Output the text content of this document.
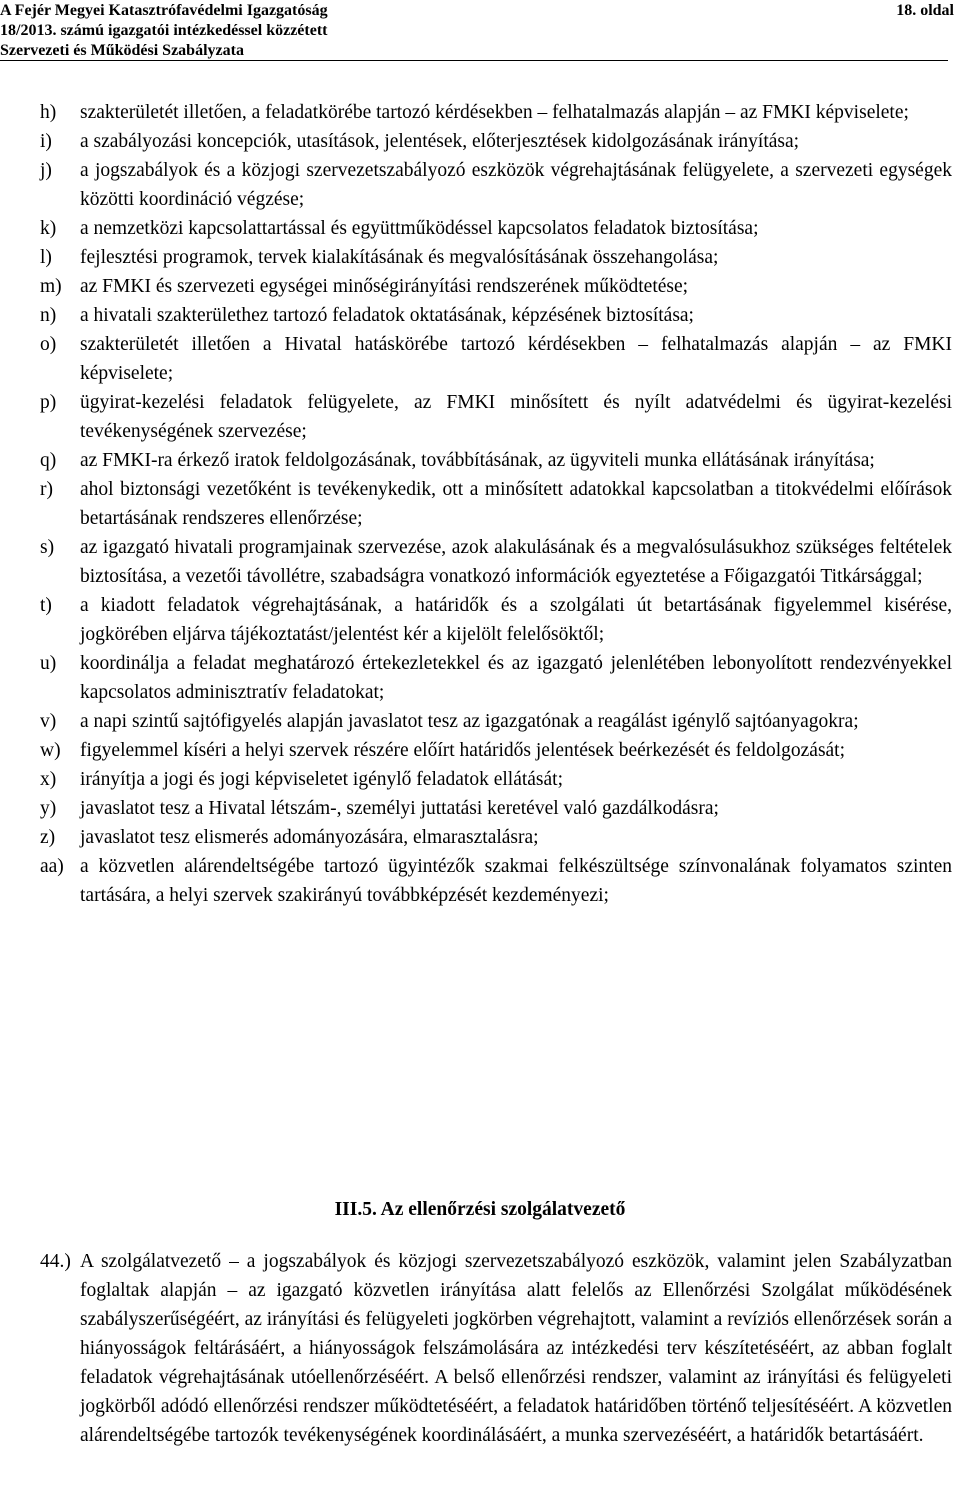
A Fejér Megyei Katasztrófavédelmi Igazgatóság
18/2013. számú igazgatói intézkedéssel közzétett
Szervezeti és Működési Szabályzata
18. oldal
h)	szakterületét illetően, a feladatkörébe tartozó kérdésekben – felhatalmazás alapján – az FMKI képviselete;
i)	a szabályozási koncepciók, utasítások, jelentések, előterjesztések kidolgozásának irányítása;
j)	a jogszabályok és a közjogi szervezetszabályozó eszközök végrehajtásának felügyelete, a szervezeti egységek közötti koordináció végzése;
k)	a nemzetközi kapcsolattartással és együttműködéssel kapcsolatos feladatok biztosítása;
l)	fejlesztési programok, tervek kialakításának és megvalósításának összehangolása;
m) az FMKI és szervezeti egységei minőségirányítási rendszerének működtetése;
n)	a hivatali szakterülethez tartozó feladatok oktatásának, képzésének biztosítása;
o)	szakterületét illetően a Hivatal hatáskörébe tartozó kérdésekben – felhatalmazás alapján – az FMKI képviselete;
p)	ügyirat-kezelési feladatok felügyelete, az FMKI minősített és nyílt adatvédelmi és ügyirat-kezelési tevékenységének szervezése;
q)	az FMKI-ra érkező iratok feldolgozásának, továbbításának, az ügyviteli munka ellátásának irányítása;
r)	ahol biztonsági vezetőként is tevékenykedik, ott a minősített adatokkal kapcsolatban a titokvédelmi előírások betartásának rendszeres ellenőrzése;
s)	az igazgató hivatali programjainak szervezése, azok alakulásának és a megvalósulásukhoz szükséges feltételek biztosítása, a vezetői távollétre, szabadságra vonatkozó információk egyeztetése a Főigazgatói Titkársággal;
t)	a kiadott feladatok végrehajtásának, a határidők és a szolgálati út betartásának figyelemmel kisérése, jogkörében eljárva tájékoztatást/jelentést kér a kijelölt felelősöktől;
u)	koordinálja a feladat meghatározó értekezletekkel és az igazgató jelenlétében lebonyolított rendezvényekkel kapcsolatos adminisztratív feladatokat;
v)	a napi szintű sajtófigyelés alapján javaslatot tesz az igazgatónak a reagálást igénylő sajtóanyagokra;
w) figyelemmel kíséri a helyi szervek részére előírt határidős jelentések beérkezését és feldolgozását;
x)	irányítja a jogi és jogi képviseletet igénylő feladatok ellátását;
y)	javaslatot tesz a Hivatal létszám-, személyi juttatási keretével való gazdálkodásra;
z)	javaslatot tesz elismerés adományozására, elmarasztalásra;
aa) a közvetlen alárendeltségébe tartozó ügyintézők szakmai felkészültsége színvonalának folyamatos szinten tartására, a helyi szervek szakirányú továbbképzését kezdeményezi;
III.5. Az ellenőrzési szolgálatvezető
44.) A szolgálatvezető – a jogszabályok és közjogi szervezetszabályozó eszközök, valamint jelen Szabályzatban foglaltak alapján – az igazgató közvetlen irányítása alatt felelős az Ellenőrzési Szolgálat működésének szabályszerűségéért, az irányítási és felügyeleti jogkörben végrehajtott, valamint a revíziós ellenőrzések során a hiányosságok feltárásáért, a hiányosságok felszámolására az intézkedési terv készítetéséért, az abban foglalt feladatok végrehajtásának utóellenőrzéséért. A belső ellenőrzési rendszer, valamint az irányítási és felügyeleti jogkörből adódó ellenőrzési rendszer működtetéséért, a feladatok határidőben történő teljesítéséért. A közvetlen alárendeltségébe tartozók tevékenységének koordinálásáért, a munka szervezéséért, a határidők betartásáért.
